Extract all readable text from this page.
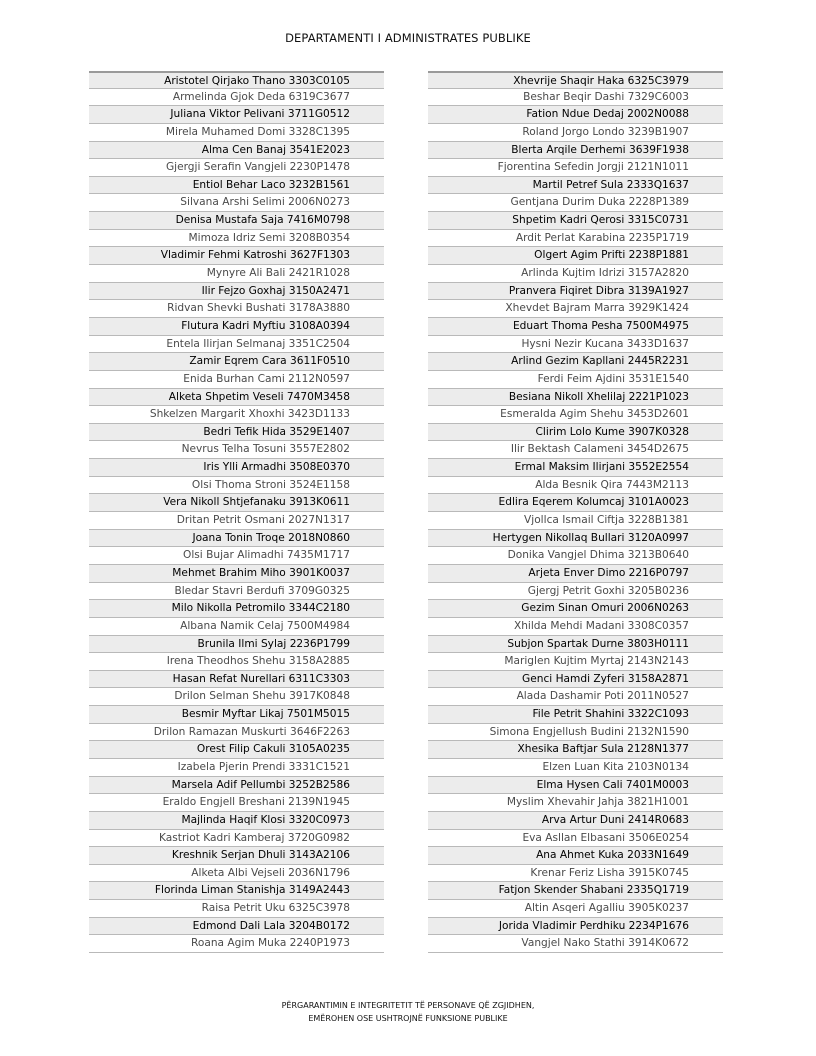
DEPARTAMENTI I ADMINISTRATES PUBLIKE
Aristotel Qirjako Thano 3303C0105
Armelinda Gjok Deda 6319C3677
Juliana Viktor Pelivani 3711G0512
Mirela Muhamed Domi 3328C1395
Alma Cen Banaj 3541E2023
Gjergji Serafin Vangjeli 2230P1478
Entiol Behar Laco 3232B1561
Silvana Arshi Selimi 2006N0273
Denisa Mustafa Saja 7416M0798
Mimoza Idriz Semi 3208B0354
Vladimir Fehmi Katroshi 3627F1303
Mynyre Ali Bali 2421R1028
Ilir Fejzo Goxhaj 3150A2471
Ridvan Shevki Bushati 3178A3880
Flutura Kadri Myftiu 3108A0394
Entela Ilirjan Selmanaj 3351C2504
Zamir Eqrem Cara 3611F0510
Enida Burhan Cami 2112N0597
Alketa Shpetim Veseli 7470M3458
Shkelzen Margarit Xhoxhi 3423D1133
Bedri Tefik Hida 3529E1407
Nevrus Telha Tosuni 3557E2802
Iris Ylli Armadhi 3508E0370
Olsi Thoma Stroni 3524E1158
Vera Nikoll Shtjefanaku 3913K0611
Dritan Petrit Osmani 2027N1317
Joana Tonin Troqe 2018N0860
Olsi Bujar Alimadhi 7435M1717
Mehmet Brahim Miho 3901K0037
Bledar Stavri Berdufi 3709G0325
Milo Nikolla Petromilo 3344C2180
Albana Namik Celaj 7500M4984
Brunila Ilmi Sylaj 2236P1799
Irena Theodhos Shehu 3158A2885
Hasan Refat Nurellari 6311C3303
Drilon Selman Shehu 3917K0848
Besmir Myftar Likaj 7501M5015
Drilon Ramazan Muskurti 3646F2263
Orest Filip Cakuli 3105A0235
Izabela Pjerin Prendi 3331C1521
Marsela Adif Pellumbi 3252B2586
Eraldo Engjell Breshani 2139N1945
Majlinda Haqif Klosi 3320C0973
Kastriot Kadri Kamberaj 3720G0982
Kreshnik Serjan Dhuli 3143A2106
Alketa Albi Vejseli 2036N1796
Florinda Liman Stanishja 3149A2443
Raisa Petrit Uku 6325C3978
Edmond Dali Lala 3204B0172
Roana Agim Muka 2240P1973
Xhevrije Shaqir Haka 6325C3979
Beshar Beqir Dashi 7329C6003
Fation Ndue Dedaj 2002N0088
Roland Jorgo Londo 3239B1907
Blerta Arqile Derhemi 3639F1938
Fjorentina Sefedin Jorgji 2121N1011
Martil Petref Sula 2333Q1637
Gentjana Durim Duka 2228P1389
Shpetim Kadri Qerosi 3315C0731
Ardit Perlat Karabina 2235P1719
Olgert Agim Prifti 2238P1881
Arlinda Kujtim Idrizi 3157A2820
Pranvera Fiqiret Dibra 3139A1927
Xhevdet Bajram Marra 3929K1424
Eduart Thoma Pesha 7500M4975
Hysni Nezir Kucana 3433D1637
Arlind Gezim Kapllani 2445R2231
Ferdi Feim Ajdini 3531E1540
Besiana Nikoll Xhelilaj 2221P1023
Esmeralda Agim Shehu 3453D2601
Clirim Lolo Kume 3907K0328
Ilir Bektash Calameni 3454D2675
Ermal Maksim Ilirjani 3552E2554
Alda Besnik Qira 7443M2113
Edlira Eqerem Kolumcaj 3101A0023
Vjollca Ismail Ciftja 3228B1381
Hertygen Nikollaq Bullari 3120A0997
Donika Vangjel Dhima 3213B0640
Arjeta Enver Dimo 2216P0797
Gjergj Petrit Goxhi 3205B0236
Gezim Sinan Omuri 2006N0263
Xhilda Mehdi Madani 3308C0357
Subjon Spartak Durne 3803H0111
Mariglen Kujtim Myrtaj 2143N2143
Genci Hamdi Zyferi 3158A2871
Alada Dashamir Poti 2011N0527
File Petrit Shahini 3322C1093
Simona Engjellush Budini 2132N1590
Xhesika Baftjar Sula 2128N1377
Elzen Luan Kita 2103N0134
Elma Hysen Cali 7401M0003
Myslim Xhevahir Jahja 3821H1001
Arva Artur Duni 2414R0683
Eva Asllan Elbasani 3506E0254
Ana Ahmet Kuka 2033N1649
Krenar Feriz Lisha 3915K0745
Fatjon Skender Shabani 2335Q1719
Altin Asqeri Agalliu 3905K0237
Jorida Vladimir Perdhiku 2234P1676
Vangjel Nako Stathi 3914K0672
PËRGARANTIMIN E INTEGRITETIT TË PERSONAVE QË ZGJIDHEN,
EMËROHEN OSE USHTROJNË FUNKSIONE PUBLIKE
